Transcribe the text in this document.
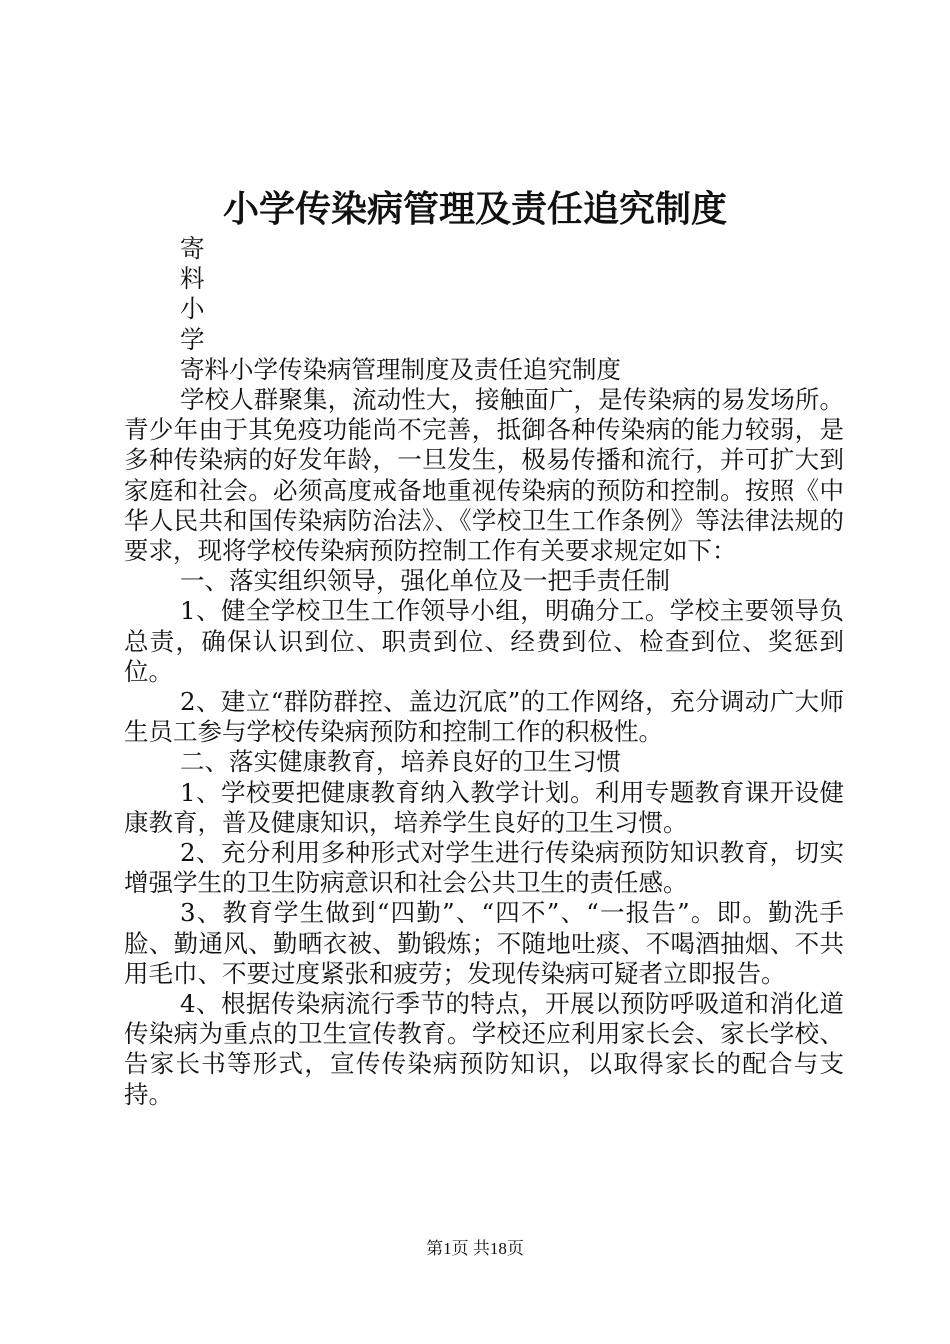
小学传染病管理及责任追究制度

寄

料

小

学

寄料小学传染病管理制度及责任追究制度

学校人群聚集，流动性大，接触面广，是传染病的易发场所。青少年由于其免疫功能尚不完善，抵御各种传染病的能力较弱，是多种传染病的好发年龄，一旦发生，极易传播和流行，并可扩大到家庭和社会。必须高度戒备地重视传染病的预防和控制。按照《中华人民共和国传染病防治法》、《学校卫生工作条例》等法律法规的要求，现将学校传染病预防控制工作有关要求规定如下：

一、落实组织领导，强化单位及一把手责任制

1、健全学校卫生工作领导小组，明确分工。学校主要领导负总责，确保认识到位、职责到位、经费到位、检查到位、奖惩到位。

2、建立“群防群控、盖边沉底”的工作网络，充分调动广大师生员工参与学校传染病预防和控制工作的积极性。

二、落实健康教育，培养良好的卫生习惯

1、学校要把健康教育纳入教学计划。利用专题教育课开设健康教育，普及健康知识，培养学生良好的卫生习惯。

2、充分利用多种形式对学生进行传染病预防知识教育，切实增强学生的卫生防病意识和社会公共卫生的责任感。

3、教育学生做到“四勤”、“四不”、“一报告”。即。勤洗手脸、勤通风、勤晒衣被、勤锻炼；不随地吐痰、不喝酒抽烟、不共用毛巾、不要过度紧张和疲劳；发现传染病可疑者立即报告。

4、根据传染病流行季节的特点，开展以预防呼吸道和消化道传染病为重点的卫生宣传教育。学校还应利用家长会、家长学校、告家长书等形式，宣传传染病预防知识，以取得家长的配合与支持。

第1页 共18页
